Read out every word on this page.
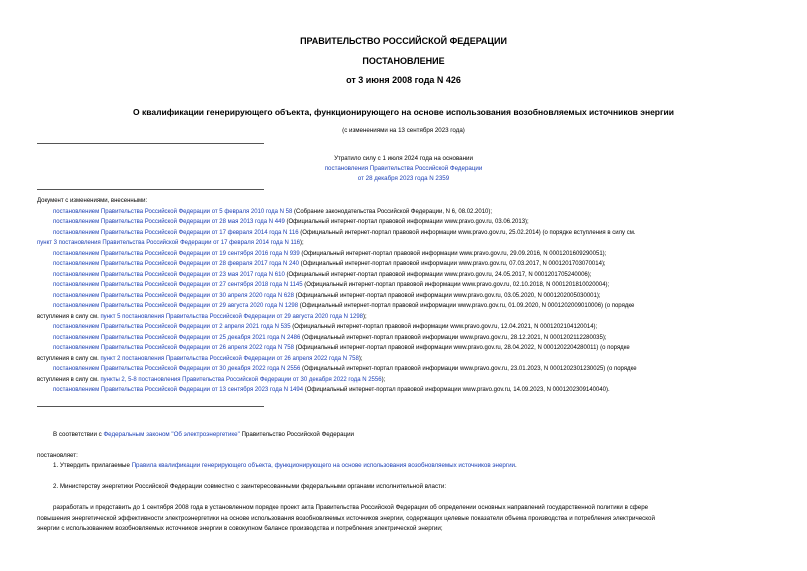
ПРАВИТЕЛЬСТВО РОССИЙСКОЙ ФЕДЕРАЦИИ
ПОСТАНОВЛЕНИЕ
от 3 июня 2008 года N 426
О квалификации генерирующего объекта, функционирующего на основе использования возобновляемых источников энергии
(с изменениями на 13 сентября 2023 года)
Утратило силу с 1 июля 2024 года на основании
постановления Правительства Российской Федерации
от 28 декабря 2023 года N 2359
Документ с изменениями, внесенными:
постановлением Правительства Российской Федерации от 5 февраля 2010 года N 58 (Собрание законодательства Российской Федерации, N 6, 08.02.2010);
постановлением Правительства Российской Федерации от 28 мая 2013 года N 449 (Официальный интернет-портал правовой информации www.pravo.gov.ru, 03.06.2013);
постановлением Правительства Российской Федерации от 17 февраля 2014 года N 116 (Официальный интернет-портал правовой информации www.pravo.gov.ru, 25.02.2014) (о порядке вступления в силу см.
пункт 3 постановления Правительства Российской Федерации от 17 февраля 2014 года N 116);
постановлением Правительства Российской Федерации от 19 сентября 2016 года N 939 (Официальный интернет-портал правовой информации www.pravo.gov.ru, 29.09.2016, N 0001201609290051);
постановлением Правительства Российской Федерации от 28 февраля 2017 года N 240 (Официальный интернет-портал правовой информации www.pravo.gov.ru, 07.03.2017, N 0001201703070014);
постановлением Правительства Российской Федерации от 23 мая 2017 года N 610 (Официальный интернет-портал правовой информации www.pravo.gov.ru, 24.05.2017, N 0001201705240006);
постановлением Правительства Российской Федерации от 27 сентября 2018 года N 1145 (Официальный интернет-портал правовой информации www.pravo.gov.ru, 02.10.2018, N 0001201810020004);
постановлением Правительства Российской Федерации от 30 апреля 2020 года N 628 (Официальный интернет-портал правовой информации www.pravo.gov.ru, 03.05.2020, N 0001202005030001);
постановлением Правительства Российской Федерации от 29 августа 2020 года N 1298 (Официальный интернет-портал правовой информации www.pravo.gov.ru, 01.09.2020, N 0001202009010006) (о порядке
вступления в силу см. пункт 5 постановления Правительства Российской Федерации от 29 августа 2020 года N 1298);
постановлением Правительства Российской Федерации от 2 апреля 2021 года N 535 (Официальный интернет-портал правовой информации www.pravo.gov.ru, 12.04.2021, N 0001202104120014);
постановлением Правительства Российской Федерации от 25 декабря 2021 года N 2486 (Официальный интернет-портал правовой информации www.pravo.gov.ru, 28.12.2021, N 0001202112280035);
постановлением Правительства Российской Федерации от 26 апреля 2022 года N 758 (Официальный интернет-портал правовой информации www.pravo.gov.ru, 28.04.2022, N 0001202204280011) (о порядке
вступления в силу см. пункт 2 постановления Правительства Российской Федерации от 26 апреля 2022 года N 758);
постановлением Правительства Российской Федерации от 30 декабря 2022 года N 2556 (Официальный интернет-портал правовой информации www.pravo.gov.ru, 23.01.2023, N 0001202301230025) (о порядке
вступления в силу см. пункты 2, 5-8 постановления Правительства Российской Федерации от 30 декабря 2022 года N 2556);
постановлением Правительства Российской Федерации от 13 сентября 2023 года N 1494 (Официальный интернет-портал правовой информации www.pravo.gov.ru, 14.09.2023, N 0001202309140040).
В соответствии с Федеральным законом "Об электроэнергетике" Правительство Российской Федерации
постановляет:
1. Утвердить прилагаемые Правила квалификации генерирующего объекта, функционирующего на основе использования возобновляемых источников энергии.
2. Министерству энергетики Российской Федерации совместно с заинтересованными федеральными органами исполнительной власти:
разработать и представить до 1 сентября 2008 года в установленном порядке проект акта Правительства Российской Федерации об определении основных направлений государственной политики в сфере
повышения энергетической эффективности электроэнергетики на основе использования возобновляемых источников энергии, содержащих целевые показатели объема производства и потребления электрической
энергии с использованием возобновляемых источников энергии в совокупном балансе производства и потребления электрической энергии;
